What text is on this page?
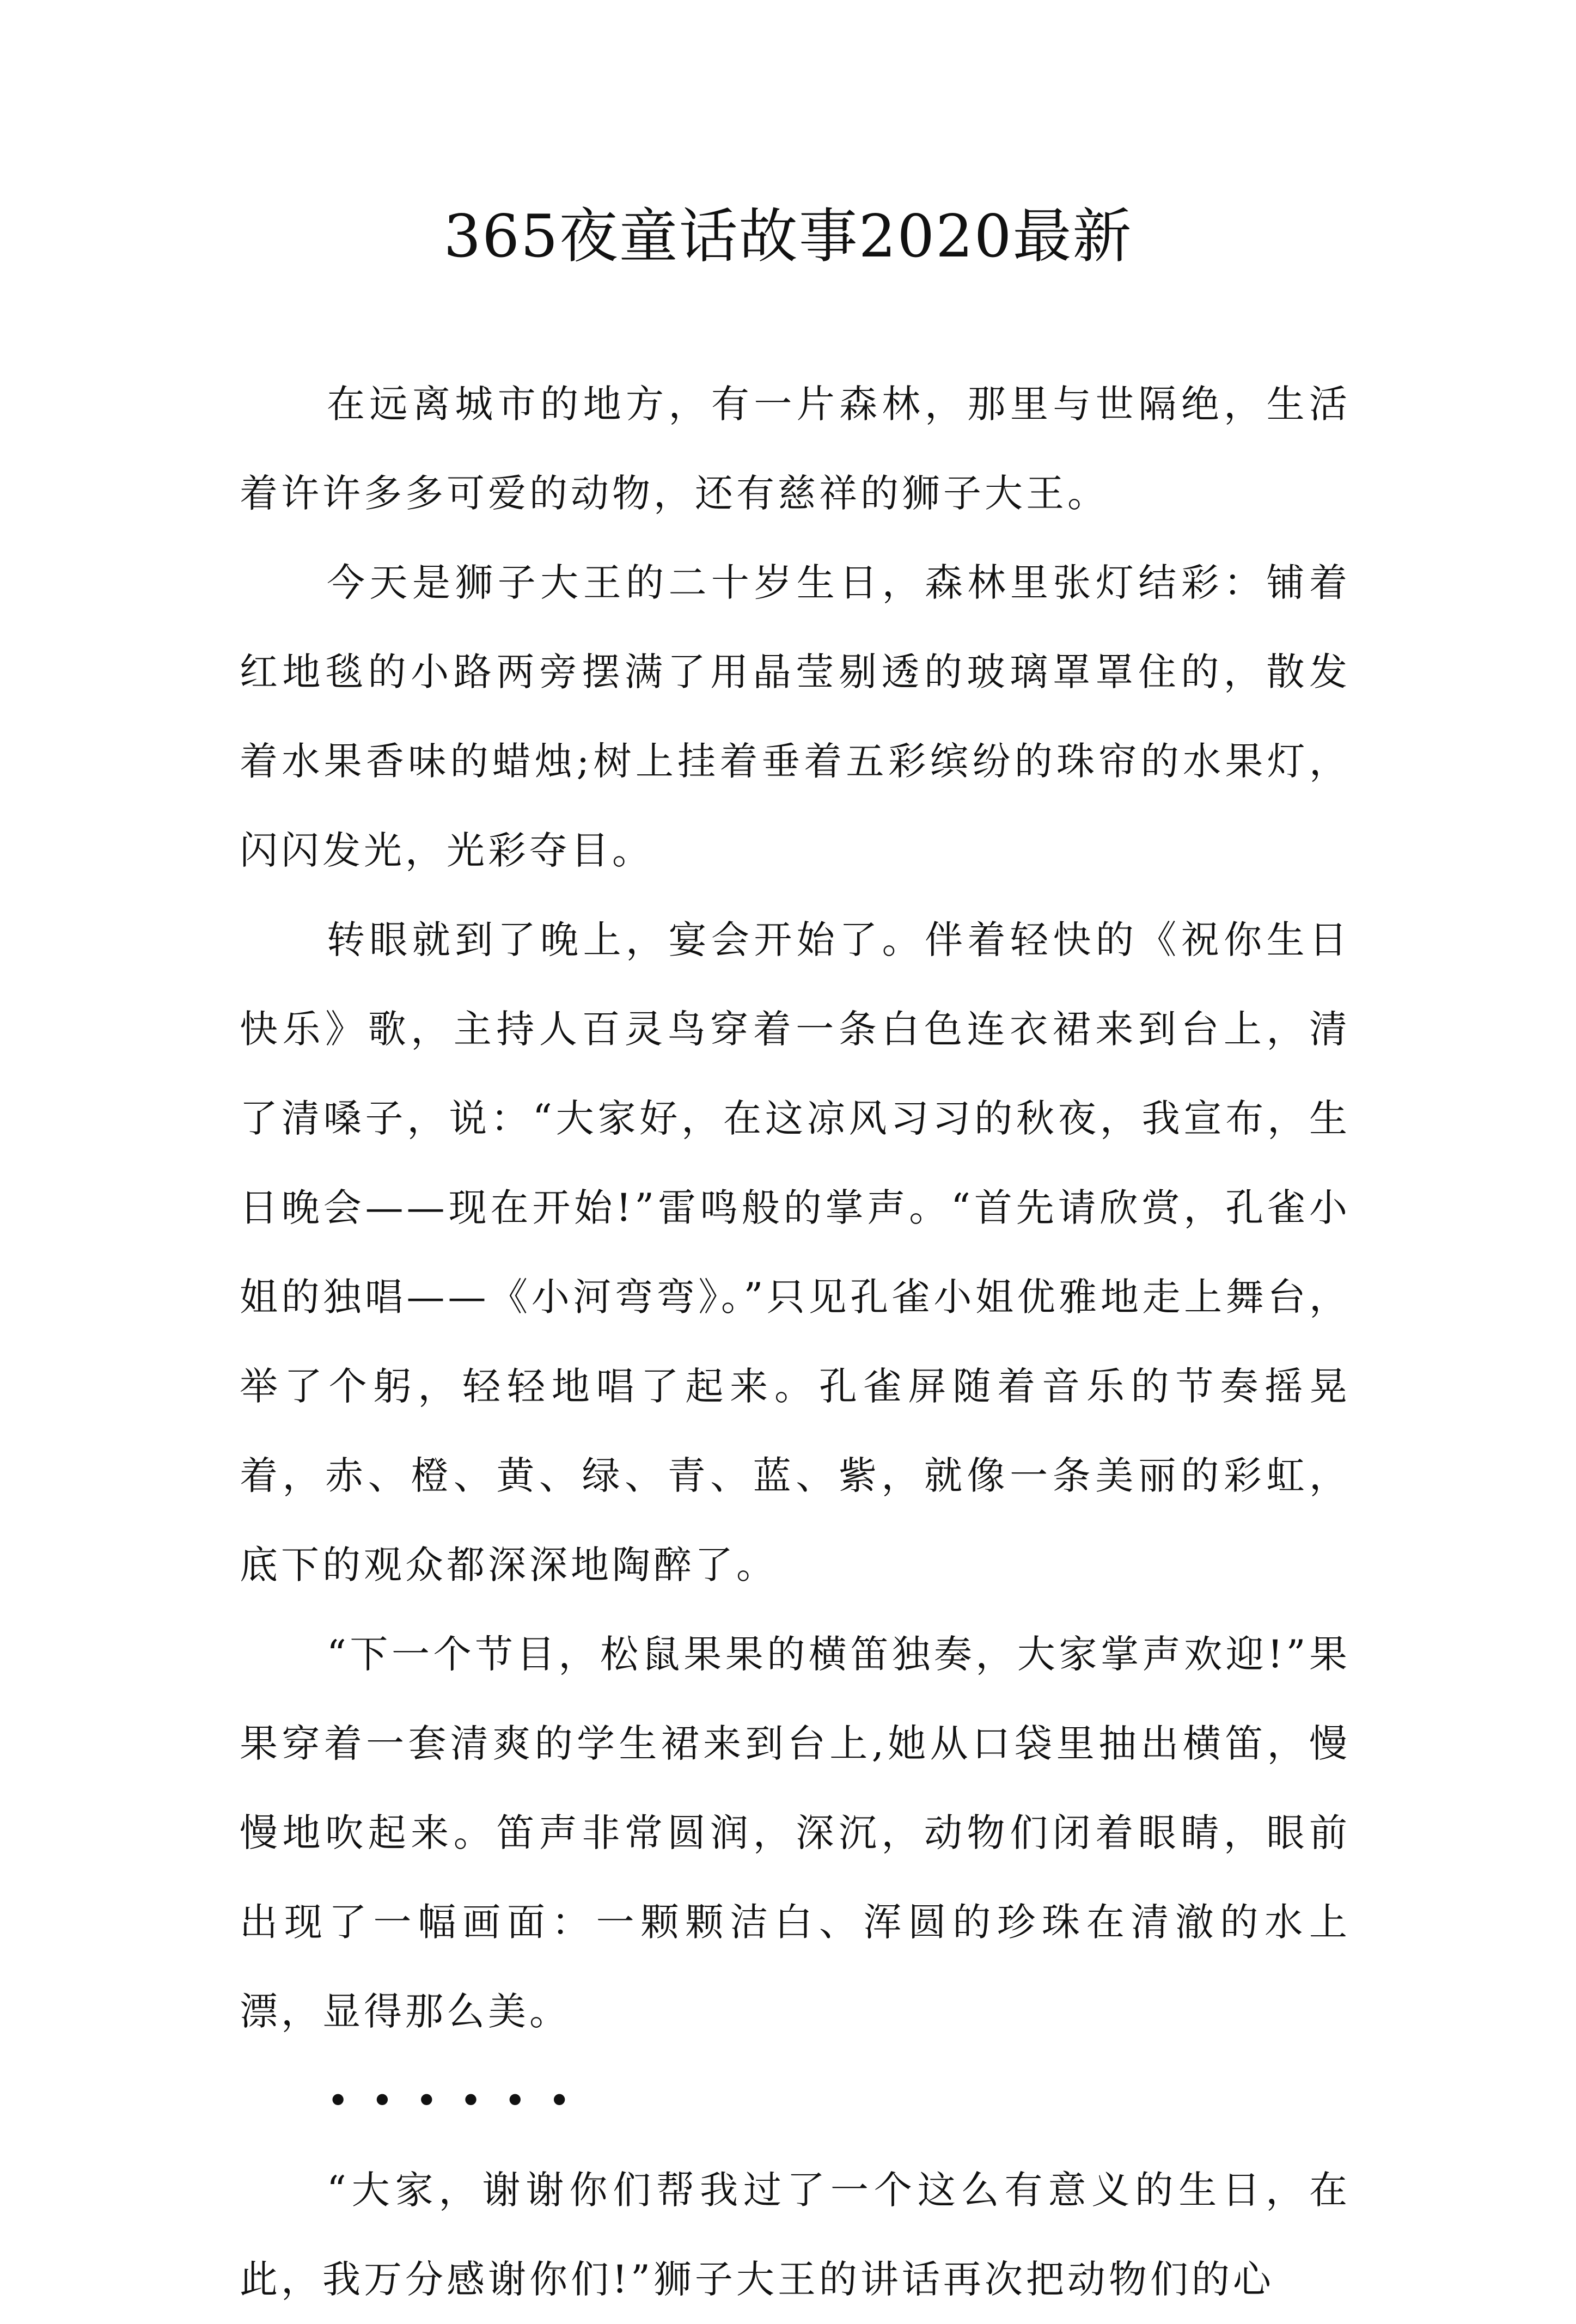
365夜童话故事2020最新

在远离城市的地方，有一片森林，那里与世隔绝，生活着许许多多可爱的动物，还有慈祥的狮子大王。

今天是狮子大王的二十岁生日，森林里张灯结彩：铺着红地毯的小路两旁摆满了用晶莹剔透的玻璃罩罩住的，散发着水果香味的蜡烛;树上挂着垂着五彩缤纷的珠帘的水果灯，闪闪发光，光彩夺目。

转眼就到了晚上，宴会开始了。伴着轻快的《祝你生日快乐》歌，主持人百灵鸟穿着一条白色连衣裙来到台上，清了清嗓子，说：“大家好，在这凉风习习的秋夜，我宣布，生日晚会——现在开始!”雷鸣般的掌声。“首先请欣赏，孔雀小姐的独唱——《小河弯弯》。”只见孔雀小姐优雅地走上舞台，举了个躬，轻轻地唱了起来。孔雀屏随着音乐的节奏摇晃着，赤、橙、黄、绿、青、蓝、紫，就像一条美丽的彩虹，底下的观众都深深地陶醉了。

“下一个节目，松鼠果果的横笛独奏，大家掌声欢迎!”果果穿着一套清爽的学生裙来到台上,她从口袋里抽出横笛，慢慢地吹起来。笛声非常圆润，深沉，动物们闭着眼睛，眼前出现了一幅画面：一颗颗洁白、浑圆的珍珠在清澈的水上漂，显得那么美。

••••••

“大家，谢谢你们帮我过了一个这么有意义的生日，在此，我万分感谢你们!”狮子大王的讲话再次把动物们的心
